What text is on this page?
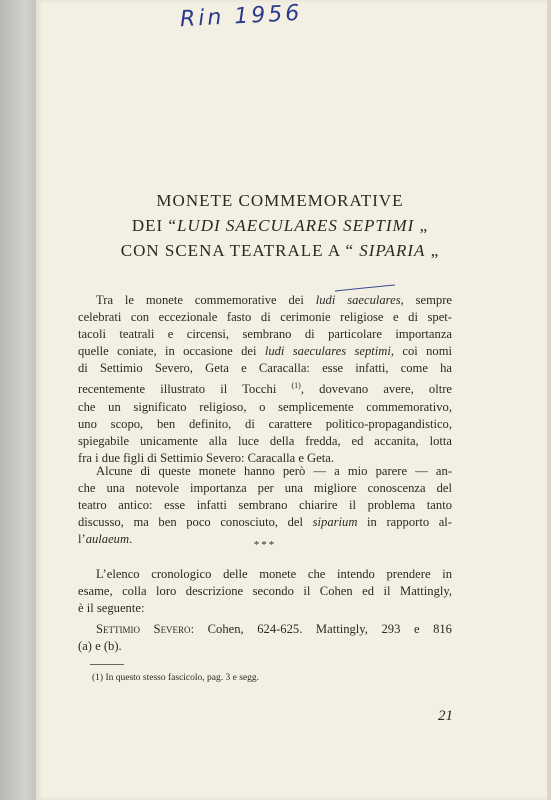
Rin 1956
MONETE COMMEMORATIVE
DEI “LUDI SAECULARES SEPTIMI „
CON SCENA TEATRALE A “ SIPARIA „
Tra le monete commemorative dei ludi saeculares, sempre
celebrati con eccezionale fasto di cerimonie religiose e di spet-
tacoli teatrali e circensi, sembrano di particolare importanza
quelle coniate, in occasione dei ludi saeculares septimi, coi nomi
di Settimio Severo, Geta e Caracalla: esse infatti, come ha
recentemente illustrato il Tocchi $^{(1)}$, dovevano avere, oltre
che un significato religioso, o semplicemente commemorativo,
uno scopo, ben definito, di carattere politico-propagandistico,
spiegabile unicamente alla luce della fredda, ed accanita, lotta
fra i due figli di Settimio Severo: Caracalla e Geta.
Alcune di queste monete hanno però — a mio parere — an-
che una notevole importanza per una migliore conoscenza del
teatro antico: esse infatti sembrano chiarire il problema tanto
discusso, ma ben poco conosciuto, del siparium in rapporto al-
l’aulaeum.	***
L’elenco cronologico delle monete che intendo prendere in
esame, colla loro descrizione secondo il Cohen ed il Mattingly,
è il seguente:
Settimio Severo: Cohen, 624-625. Mattingly, 293 e 816
(a) e (b).
(1) In questo stesso fascicolo, pag. 3 e segg.
21
